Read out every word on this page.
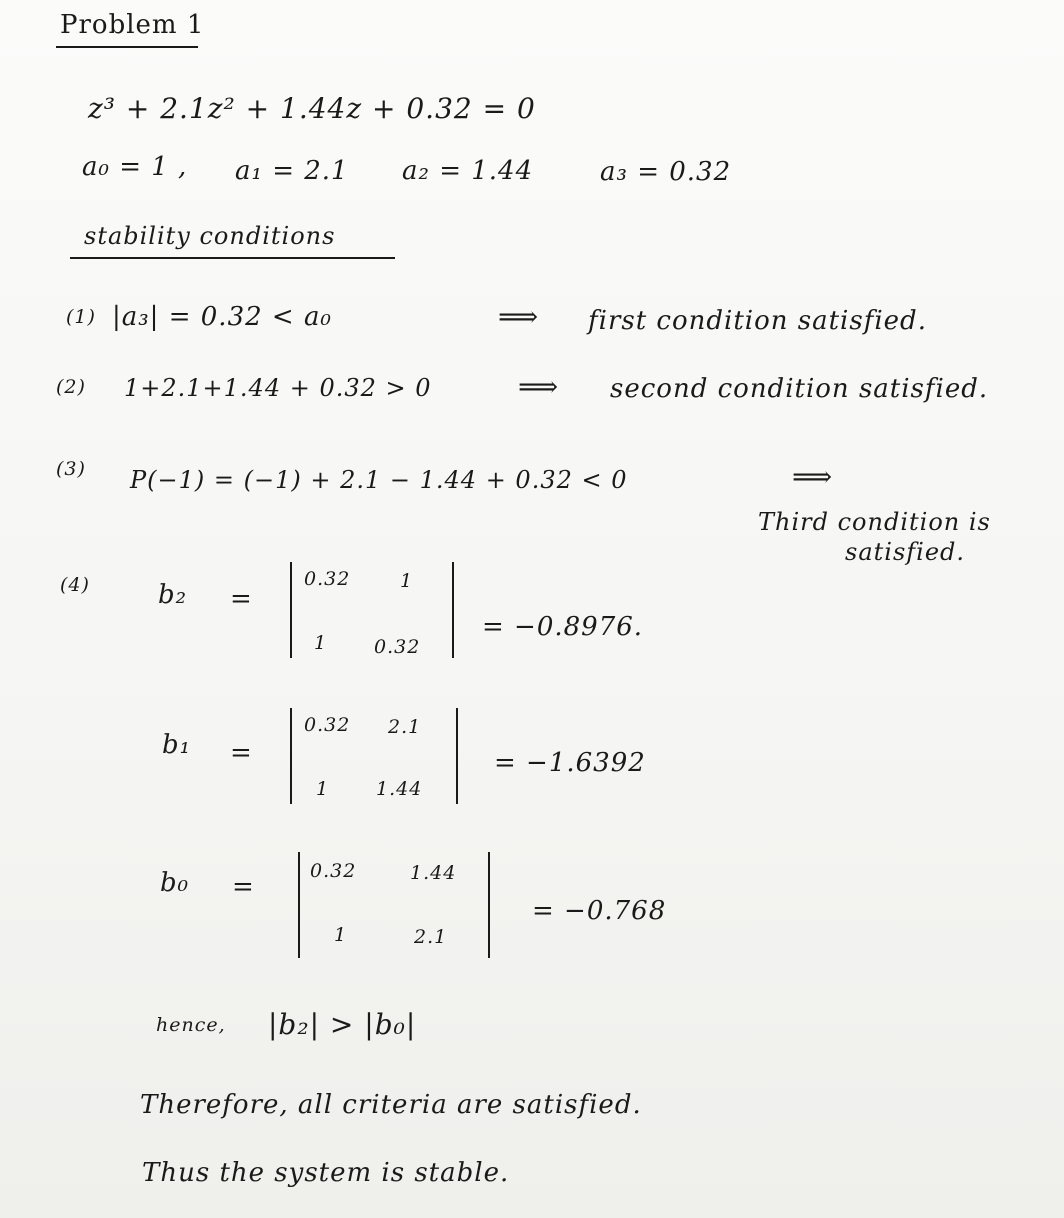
Problem 1
z³ + 2.1z² + 1.44z + 0.32 = 0
a₀ = 1 , a₁ = 2.1 a₂ = 1.44	a₃ = 0.32
stability conditions
(1) |a₃| = 0.32 < a₀	⟹ first condition satisfied.
(2) 1+2.1+1.44 + 0.32 > 0	⟹ second condition satisfied.
(3) P(−1) = (−1) + 2.1 − 1.44 + 0.32 < 0	⟹
Third condition is
satisfied.
(4)	b₂ =
0.32	1
1 0.32
= −0.8976.
b₁ =
0.32 2.1
1 1.44
= −1.6392
b₀ =
0.32	1.44
1	2.1
= −0.768
hence, |b₂| > |b₀|
Therefore, all criteria are satisfied.
Thus the system is stable.
